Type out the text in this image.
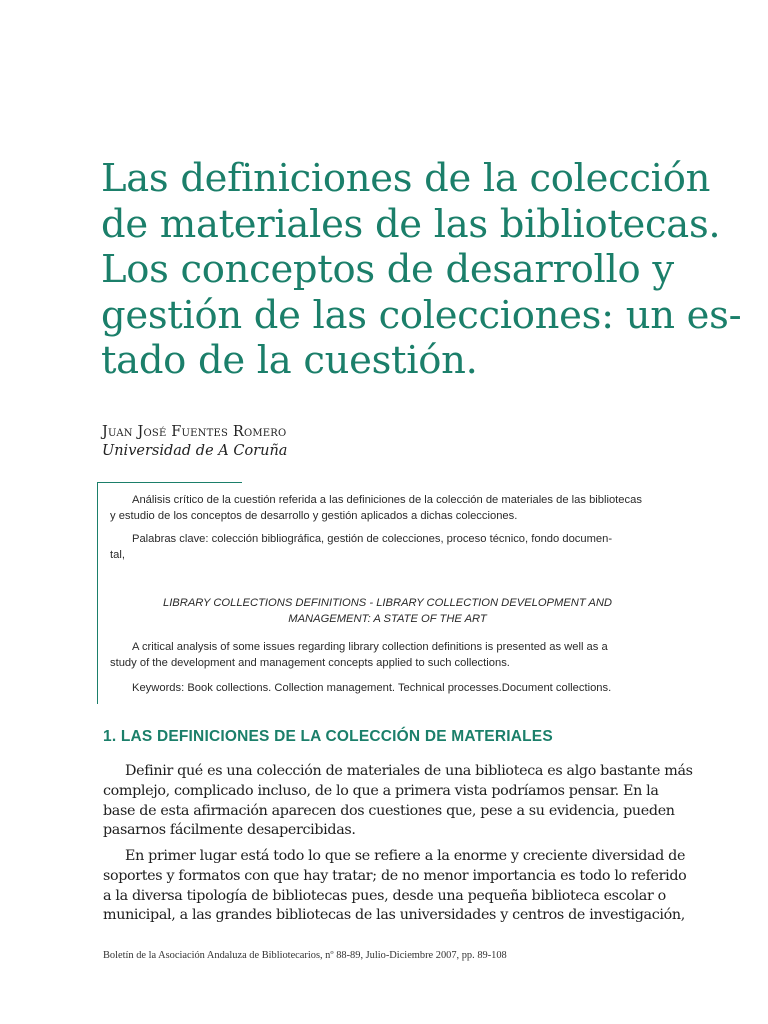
Las definiciones de la colección
de materiales de las bibliotecas.
Los conceptos de desarrollo y
gestión de las colecciones: un es-
tado de la cuestión.
Juan José Fuentes Romero
Universidad de A Coruña
Análisis crítico de la cuestión referida a las definiciones de la colección de materiales de las bibliotecas
y estudio de los conceptos de desarrollo y gestión aplicados a dichas colecciones.
Palabras clave: colección bibliográfica, gestión de colecciones, proceso técnico, fondo documen-
tal,
LIBRARY COLLECTIONS DEFINITIONS - LIBRARY COLLECTION DEVELOPMENT AND
MANAGEMENT: A STATE OF THE ART
A critical analysis of some issues regarding library collection definitions is presented as well as a
study of the development and management concepts applied to such collections.
Keywords: Book collections. Collection management. Technical processes.Document collections.
1. LAS DEFINICIONES DE LA COLECCIÓN DE MATERIALES
Definir qué es una colección de materiales de una biblioteca es algo bastante más
complejo, complicado incluso, de lo que a primera vista podríamos pensar. En la
base de esta afirmación aparecen dos cuestiones que, pese a su evidencia, pueden
pasarnos fácilmente desapercibidas.
En primer lugar está todo lo que se refiere a la enorme y creciente diversidad de
soportes y formatos con que hay tratar; de no menor importancia es todo lo referido
a la diversa tipología de bibliotecas pues, desde una pequeña biblioteca escolar o
municipal, a las grandes bibliotecas de las universidades y centros de investigación,
Boletín de la Asociación Andaluza de Bibliotecarios, nº 88-89, Julio-Diciembre 2007, pp. 89-108
